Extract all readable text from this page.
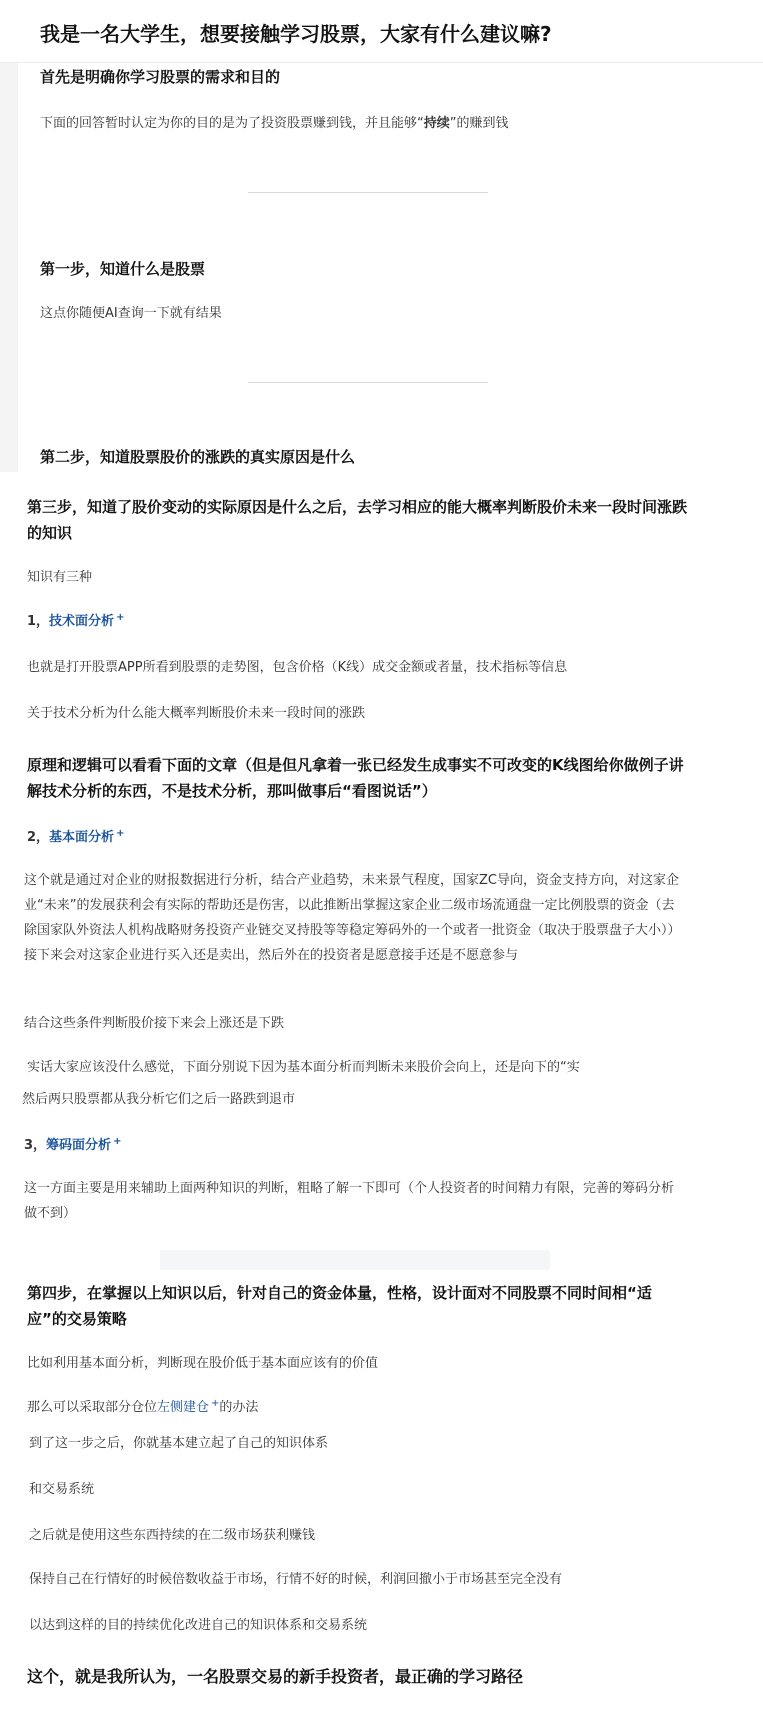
我是一名大学生，想要接触学习股票，大家有什么建议嘛?
首先是明确你学习股票的需求和目的
下面的回答暂时认定为你的目的是为了投资股票赚到钱，并且能够“持续”的赚到钱
第一步，知道什么是股票
这点你随便AI查询一下就有结果
第二步，知道股票股价的涨跌的真实原因是什么
第三步，知道了股价变动的实际原因是什么之后，去学习相应的能大概率判断股价未来一段时间涨跌的知识
知识有三种
1，技术面分析 +
也就是打开股票APP所看到股票的走势图，包含价格（K线）成交金额或者量，技术指标等信息
关于技术分析为什么能大概率判断股价未来一段时间的涨跌
原理和逻辑可以看看下面的文章（但是但凡拿着一张已经发生成事实不可改变的K线图给你做例子讲解技术分析的东西，不是技术分析，那叫做事后“看图说话”）
2，基本面分析 +
这个就是通过对企业的财报数据进行分析，结合产业趋势，未来景气程度，国家ZC导向，资金支持方向，对这家企业“未来”的发展获利会有实际的帮助还是伤害，以此推断出掌握这家企业二级市场流通盘一定比例股票的资金（去除国家队外资法人机构战略财务投资产业链交叉持股等等稳定筹码外的一个或者一批资金（取决于股票盘子大小））接下来会对这家企业进行买入还是卖出，然后外在的投资者是愿意接手还是不愿意参与
结合这些条件判断股价接下来会上涨还是下跌
实话大家应该没什么感觉，下面分别说下因为基本面分析而判断未来股价会向上，还是向下的“实
然后两只股票都从我分析它们之后一路跌到退市
3，筹码面分析 +
这一方面主要是用来辅助上面两种知识的判断，粗略了解一下即可（个人投资者的时间精力有限，完善的筹码分析做不到）
第四步，在掌握以上知识以后，针对自己的资金体量，性格，设计面对不同股票不同时间相“适应”的交易策略
比如利用基本面分析，判断现在股价低于基本面应该有的价值
那么可以采取部分仓位左侧建仓 +的办法
到了这一步之后，你就基本建立起了自己的知识体系
和交易系统
之后就是使用这些东西持续的在二级市场获利赚钱
保持自己在行情好的时候倍数收益于市场，行情不好的时候，利润回撤小于市场甚至完全没有
以达到这样的目的持续优化改进自己的知识体系和交易系统
这个，就是我所认为，一名股票交易的新手投资者，最正确的学习路径
